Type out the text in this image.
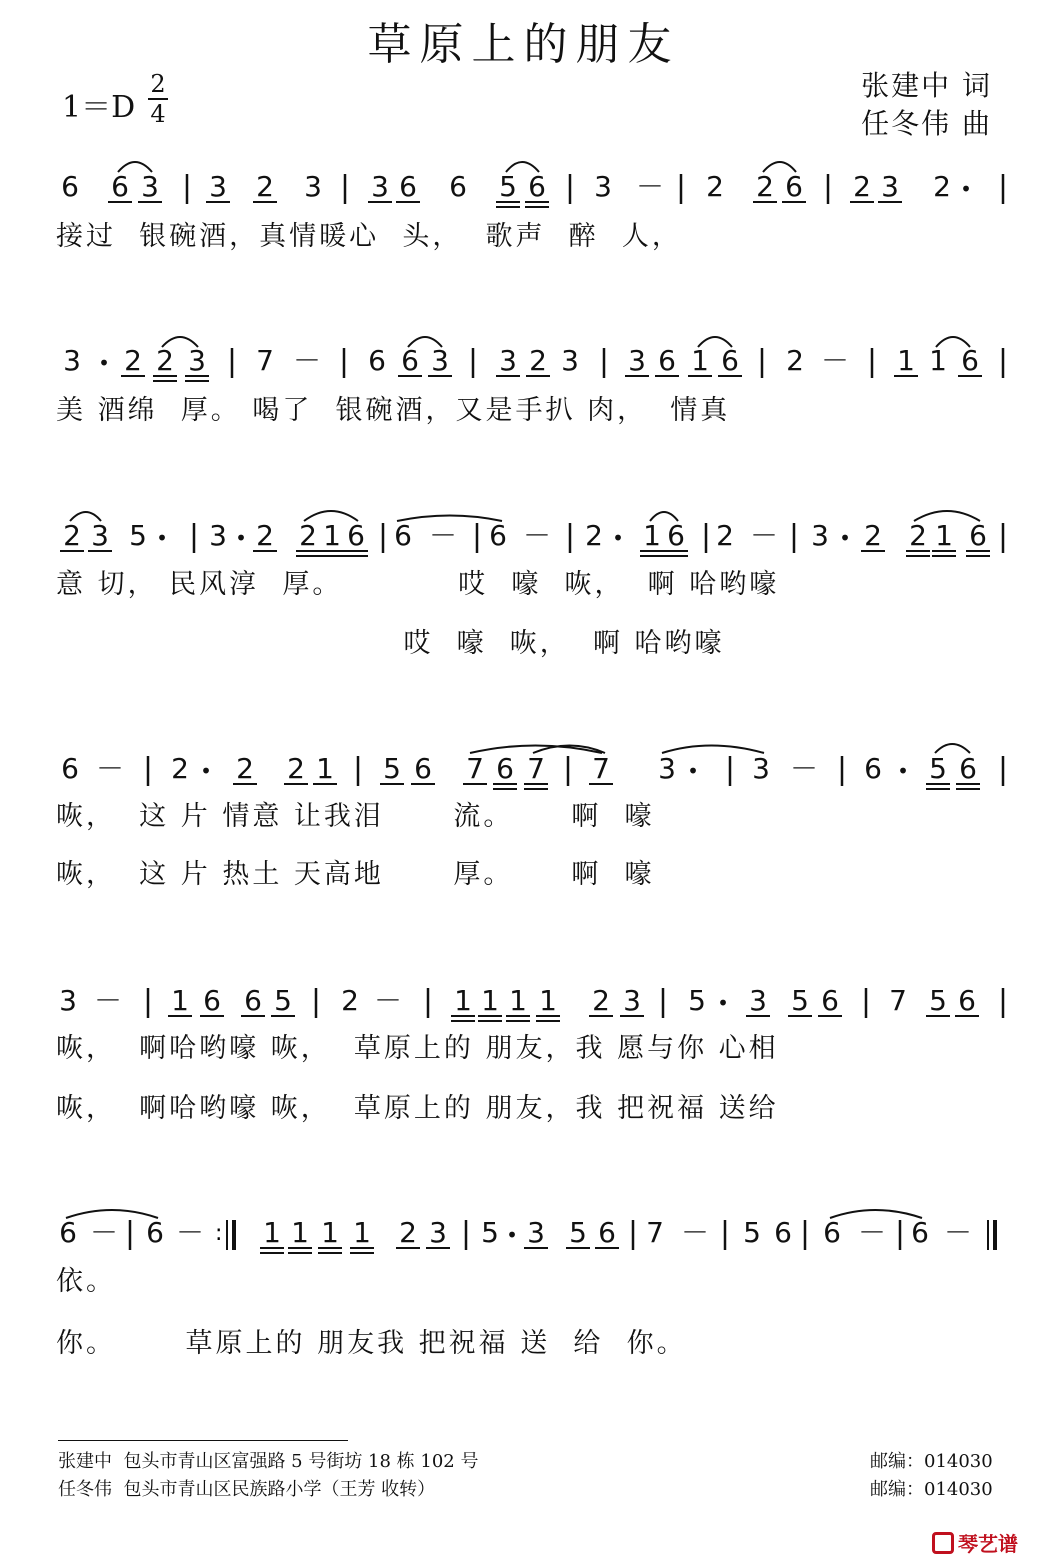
草原上的朋友
1＝D
2
4
张建中 词
任冬伟 曲
6 6 3 3 2 3 3 6 6 5 6 3 － 2 2 6 2 3 2 •
3 • 2 2 3 7 － 6 6 3 3 2 3 3 6 1 6 2 － 1 1 6
2 3 5 • 3 • 2 2 1 6 6 － 6 － 2 • 1 6 2 － 3 • 2 2 1 6
6 － 2 • 2 2 1 5 6 7 6 7 7 3 • 3 － 6 • 5 6
3 － 1 6 6 5 2 － 1 1 1 1 2 3 5 • 3 5 6 7 5 6
6 － 6 － : 1 1 1 1 2 3 5 • 3 5 6 7 － 5 6 6 － 6 －
接过  银碗酒，真情暖心  头，  歌声  醉  人，
美 酒绵  厚。 喝了  银碗酒，又是手扒 肉，  情真
意 切， 民风淳  厚。          哎  嚎  咴，  啊 哈哟嚎
哎  嚎  咴，  啊 哈哟嚎
咴，  这 片 情意 让我泪      流。     啊  嚎
咴，  这 片 热土 天高地      厚。     啊  嚎
咴，  啊哈哟嚎 咴，  草原上的 朋友，我 愿与你 心相
咴，  啊哈哟嚎 咴，  草原上的 朋友，我 把祝福 送给
依。
你。      草原上的 朋友我 把祝福 送  给  你。
张建中  包头市青山区富强路 5 号街坊 18 栋 102 号	邮编：014030
任冬伟  包头市青山区民族路小学（王芳 收转）	邮编：014030
琴艺谱
